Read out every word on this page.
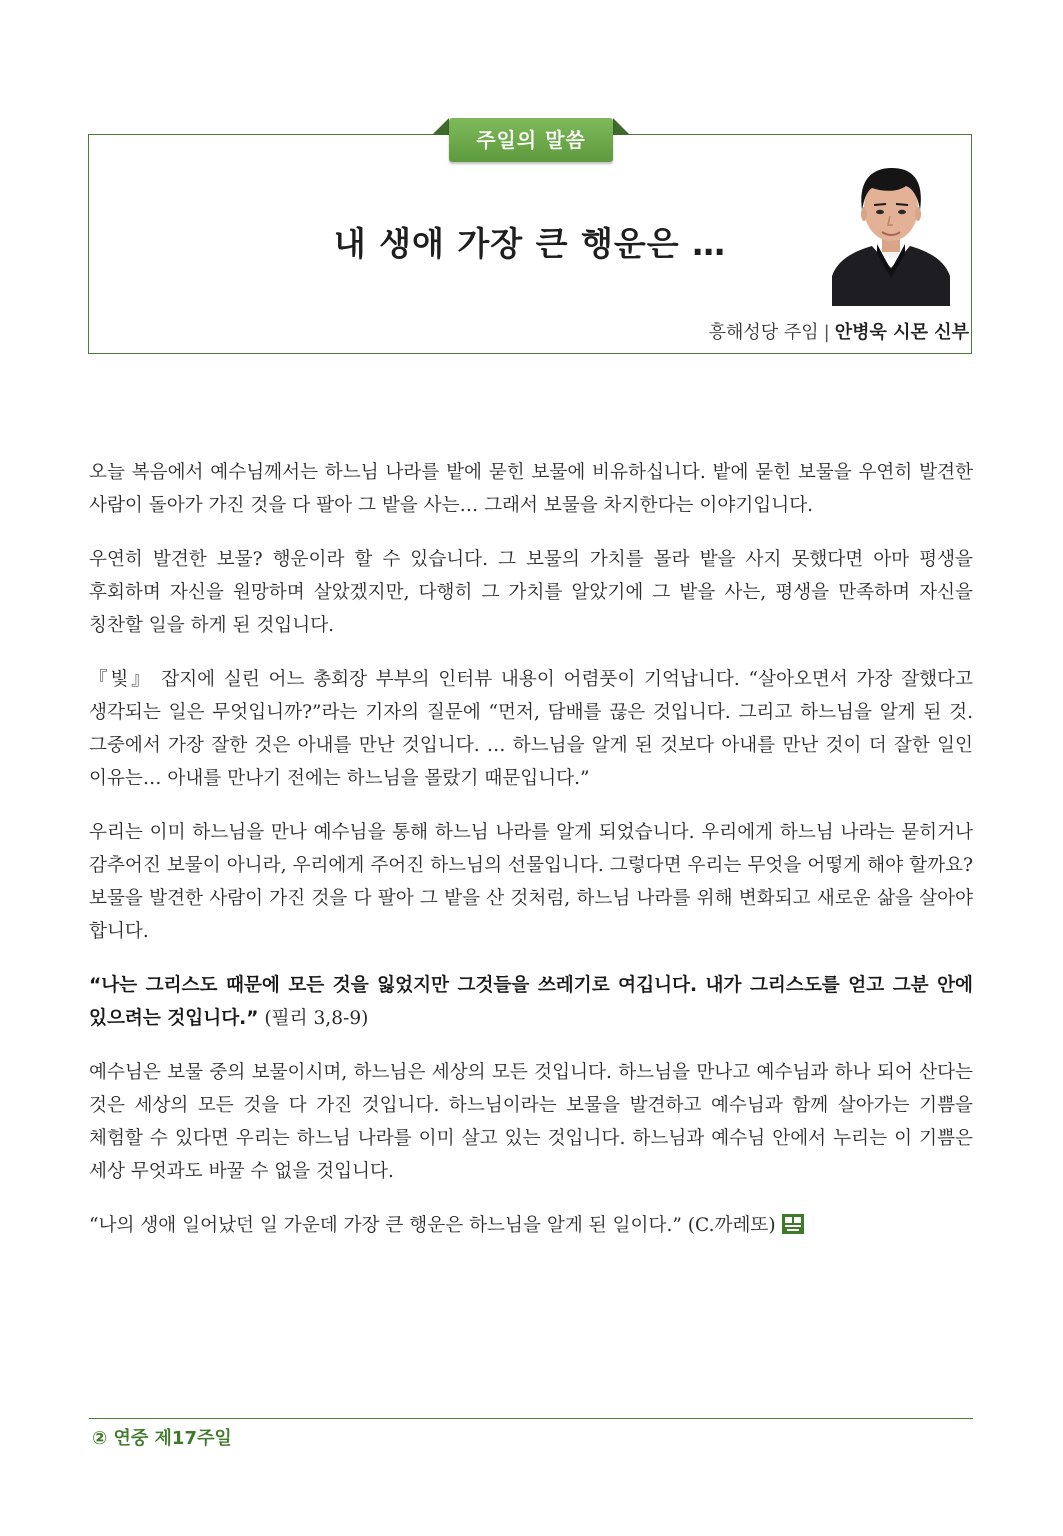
주일의 말씀
내 생애 가장 큰 행운은 …
흥해성당 주임 | 안병욱 시몬 신부

오늘 복음에서 예수님께서는 하느님 나라를 밭에 묻힌 보물에 비유하십니다. 밭에 묻힌 보물을 우연히 발견한 사람이 돌아가 가진 것을 다 팔아 그 밭을 사는… 그래서 보물을 차지한다는 이야기입니다.

우연히 발견한 보물? 행운이라 할 수 있습니다. 그 보물의 가치를 몰라 밭을 사지 못했다면 아마 평생을 후회하며 자신을 원망하며 살았겠지만, 다행히 그 가치를 알았기에 그 밭을 사는, 평생을 만족하며 자신을 칭찬할 일을 하게 된 것입니다.

『빛』 잡지에 실린 어느 총회장 부부의 인터뷰 내용이 어렴풋이 기억납니다. “살아오면서 가장 잘했다고 생각되는 일은 무엇입니까?”라는 기자의 질문에 “먼저, 담배를 끊은 것입니다. 그리고 하느님을 알게 된 것. 그중에서 가장 잘한 것은 아내를 만난 것입니다. … 하느님을 알게 된 것보다 아내를 만난 것이 더 잘한 일인 이유는… 아내를 만나기 전에는 하느님을 몰랐기 때문입니다.”

우리는 이미 하느님을 만나 예수님을 통해 하느님 나라를 알게 되었습니다. 우리에게 하느님 나라는 묻히거나 감추어진 보물이 아니라, 우리에게 주어진 하느님의 선물입니다. 그렇다면 우리는 무엇을 어떻게 해야 할까요? 보물을 발견한 사람이 가진 것을 다 팔아 그 밭을 산 것처럼, 하느님 나라를 위해 변화되고 새로운 삶을 살아야 합니다.

“나는 그리스도 때문에 모든 것을 잃었지만 그것들을 쓰레기로 여깁니다. 내가 그리스도를 얻고 그분 안에 있으려는 것입니다.” (필리 3,8-9)

예수님은 보물 중의 보물이시며, 하느님은 세상의 모든 것입니다. 하느님을 만나고 예수님과 하나 되어 산다는 것은 세상의 모든 것을 다 가진 것입니다. 하느님이라는 보물을 발견하고 예수님과 함께 살아가는 기쁨을 체험할 수 있다면 우리는 하느님 나라를 이미 살고 있는 것입니다. 하느님과 예수님 안에서 누리는 이 기쁨은 세상 무엇과도 바꿀 수 없을 것입니다.

“나의 생애 일어났던 일 가운데 가장 큰 행운은 하느님을 알게 된 일이다.” (C.까레또)

② 연중 제17주일
